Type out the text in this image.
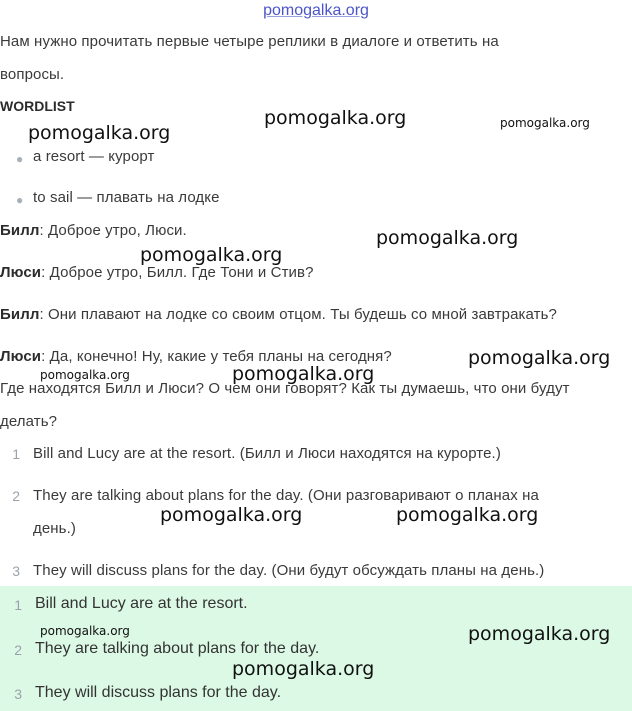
pomogalka.org
Нам нужно прочитать первые четыре реплики в диалоге и ответить на
вопросы.
WORDLIST
● a resort — курорт
● to sail — плавать на лодке
Билл: Доброе утро, Люси.
Люси: Доброе утро, Билл. Где Тони и Стив?
Билл: Они плавают на лодке со своим отцом. Ты будешь со мной завтракать?
Люси: Да, конечно! Ну, какие у тебя планы на сегодня?
Где находятся Билл и Люси? О чем они говорят? Как ты думаешь, что они будут
делать?
1 Bill and Lucy are at the resort. (Билл и Люси находятся на курорте.)
2 They are talking about plans for the day. (Они разговаривают о планах на
день.)
3 They will discuss plans for the day. (Они будут обсуждать планы на день.)
1 Bill and Lucy are at the resort.
2 They are talking about plans for the day.
3 They will discuss plans for the day.
pomogalka.org
pomogalka.org	pomogalka.org
pomogalka.org
pomogalka.org
pomogalka.org
pomogalka.org	pomogalka.org
pomogalka.org	pomogalka.org
pomogalka.org	pomogalka.org
pomogalka.org
